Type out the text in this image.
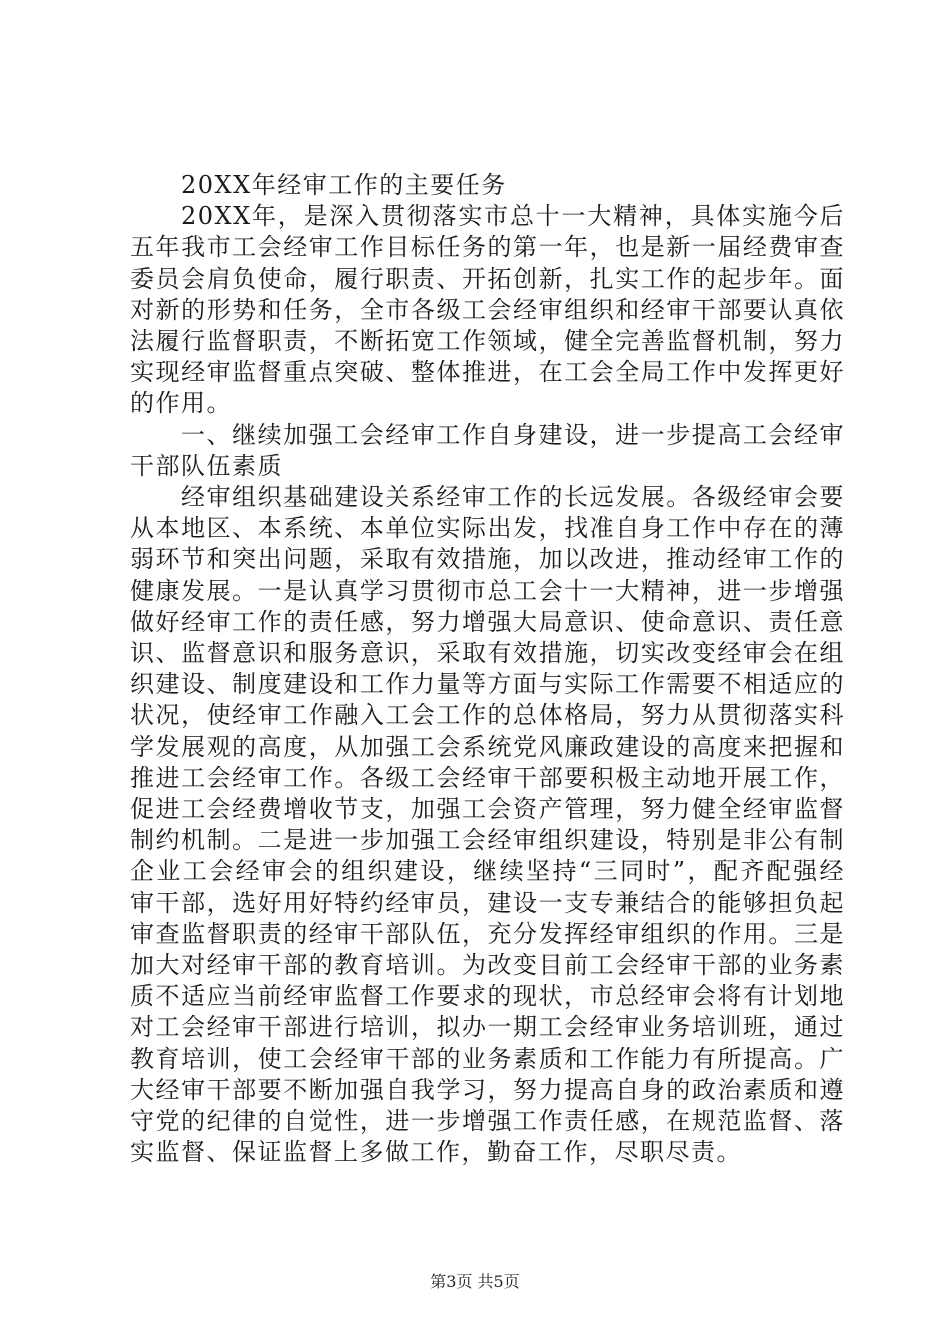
20XX年经审工作的主要任务

20XX年，是深入贯彻落实市总十一大精神，具体实施今后五年我市工会经审工作目标任务的第一年，也是新一届经费审查委员会肩负使命，履行职责、开拓创新，扎实工作的起步年。面对新的形势和任务，全市各级工会经审组织和经审干部要认真依法履行监督职责，不断拓宽工作领域，健全完善监督机制，努力实现经审监督重点突破、整体推进，在工会全局工作中发挥更好的作用。

一、继续加强工会经审工作自身建设，进一步提高工会经审干部队伍素质

经审组织基础建设关系经审工作的长远发展。各级经审会要从本地区、本系统、本单位实际出发，找准自身工作中存在的薄弱环节和突出问题，采取有效措施，加以改进，推动经审工作的健康发展。一是认真学习贯彻市总工会十一大精神，进一步增强做好经审工作的责任感，努力增强大局意识、使命意识、责任意识、监督意识和服务意识，采取有效措施，切实改变经审会在组织建设、制度建设和工作力量等方面与实际工作需要不相适应的状况，使经审工作融入工会工作的总体格局，努力从贯彻落实科学发展观的高度，从加强工会系统党风廉政建设的高度来把握和推进工会经审工作。各级工会经审干部要积极主动地开展工作，促进工会经费增收节支，加强工会资产管理，努力健全经审监督制约机制。二是进一步加强工会经审组织建设，特别是非公有制企业工会经审会的组织建设，继续坚持“三同时”，配齐配强经审干部，选好用好特约经审员，建设一支专兼结合的能够担负起审查监督职责的经审干部队伍，充分发挥经审组织的作用。三是加大对经审干部的教育培训。为改变目前工会经审干部的业务素质不适应当前经审监督工作要求的现状，市总经审会将有计划地对工会经审干部进行培训，拟办一期工会经审业务培训班，通过教育培训，使工会经审干部的业务素质和工作能力有所提高。广大经审干部要不断加强自我学习，努力提高自身的政治素质和遵守党的纪律的自觉性，进一步增强工作责任感，在规范监督、落实监督、保证监督上多做工作，勤奋工作，尽职尽责。

第3页 共5页
